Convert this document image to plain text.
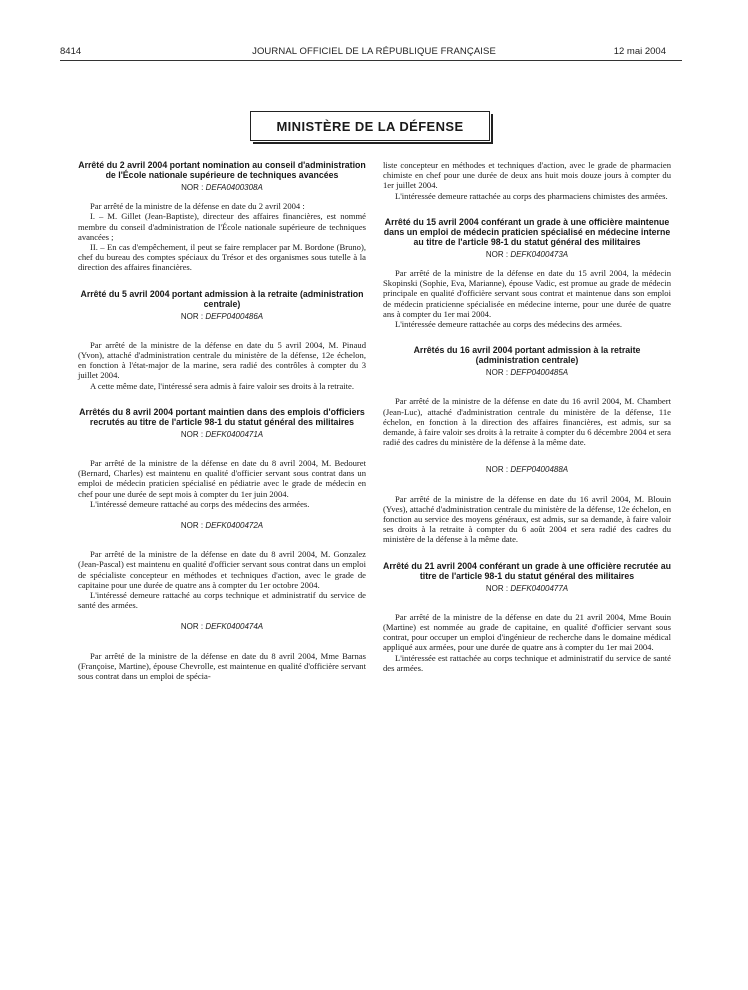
8414	JOURNAL OFFICIEL DE LA RÉPUBLIQUE FRANÇAISE	12 mai 2004
MINISTÈRE DE LA DÉFENSE
Arrêté du 2 avril 2004 portant nomination au conseil d'administration de l'École nationale supérieure de techniques avancées
NOR : DEFA0400308A

Par arrêté de la ministre de la défense en date du 2 avril 2004 :

I. – M. Gillet (Jean-Baptiste), directeur des affaires financières, est nommé membre du conseil d'administration de l'École nationale supérieure de techniques avancées ;

II. – En cas d'empêchement, il peut se faire remplacer par M. Bordone (Bruno), chef du bureau des comptes spéciaux du Trésor et des organismes sous tutelle à la direction des affaires financières.

Arrêté du 5 avril 2004 portant admission à la retraite (administration centrale)
NOR : DEFP0400486A

Par arrêté de la ministre de la défense en date du 5 avril 2004, M. Pinaud (Yvon), attaché d'administration centrale du ministère de la défense, 12e échelon, en fonction à l'état-major de la marine, sera radié des contrôles à compter du 3 juillet 2004.

A cette même date, l'intéressé sera admis à faire valoir ses droits à la retraite.

Arrêtés du 8 avril 2004 portant maintien dans des emplois d'officiers recrutés au titre de l'article 98-1 du statut général des militaires
NOR : DEFK0400471A

Par arrêté de la ministre de la défense en date du 8 avril 2004, M. Bedouret (Bernard, Charles) est maintenu en qualité d'officier servant sous contrat dans un emploi de médecin praticien spécialisé en pédiatrie avec le grade de médecin en chef pour une durée de sept mois à compter du 1er juin 2004.

L'intéressé demeure rattaché au corps des médecins des armées.

NOR : DEFK0400472A

Par arrêté de la ministre de la défense en date du 8 avril 2004, M. Gonzalez (Jean-Pascal) est maintenu en qualité d'officier servant sous contrat dans un emploi de spécialiste concepteur en méthodes et techniques d'action, avec le grade de capitaine pour une durée de quatre ans à compter du 1er octobre 2004.

L'intéressé demeure rattaché au corps technique et administratif du service de santé des armées.

NOR : DEFK0400474A

Par arrêté de la ministre de la défense en date du 8 avril 2004, Mme Barnas (Françoise, Martine), épouse Chevrolle, est maintenue en qualité d'officière servant sous contrat dans un emploi de spécia-

liste concepteur en méthodes et techniques d'action, avec le grade de pharmacien chimiste en chef pour une durée de deux ans huit mois douze jours à compter du 1er juillet 2004.

L'intéressée demeure rattachée au corps des pharmaciens chimistes des armées.

Arrêté du 15 avril 2004 conférant un grade à une officière maintenue dans un emploi de médecin praticien spécialisé en médecine interne au titre de l'article 98-1 du statut général des militaires
NOR : DEFK0400473A

Par arrêté de la ministre de la défense en date du 15 avril 2004, la médecin Skopinski (Sophie, Eva, Marianne), épouse Vadic, est promue au grade de médecin principale en qualité d'officière servant sous contrat et maintenue dans son emploi de médecin praticienne spécialisée en médecine interne, pour une durée de quatre ans à compter du 1er mai 2004.

L'intéressée demeure rattachée au corps des médecins des armées.

Arrêtés du 16 avril 2004 portant admission à la retraite (administration centrale)
NOR : DEFP0400485A

Par arrêté de la ministre de la défense en date du 16 avril 2004, M. Chambert (Jean-Luc), attaché d'administration centrale du ministère de la défense, 11e échelon, en fonction à la direction des affaires financières, est admis, sur sa demande, à faire valoir ses droits à la retraite à compter du 6 décembre 2004 et sera radié des cadres du ministère de la défense à la même date.

NOR : DEFP0400488A

Par arrêté de la ministre de la défense en date du 16 avril 2004, M. Blouin (Yves), attaché d'administration centrale du ministère de la défense, 12e échelon, en fonction au service des moyens généraux, est admis, sur sa demande, à faire valoir ses droits à la retraite à compter du 6 août 2004 et sera radié des cadres du ministère de la défense à la même date.

Arrêté du 21 avril 2004 conférant un grade à une officière recrutée au titre de l'article 98-1 du statut général des militaires
NOR : DEFK0400477A

Par arrêté de la ministre de la défense en date du 21 avril 2004, Mme Bouin (Martine) est nommée au grade de capitaine, en qualité d'officier servant sous contrat, pour occuper un emploi d'ingénieur de recherche dans le domaine médical appliqué aux armées, pour une durée de quatre ans à compter du 1er mai 2004.

L'intéressée est rattachée au corps technique et administratif du service de santé des armées.
